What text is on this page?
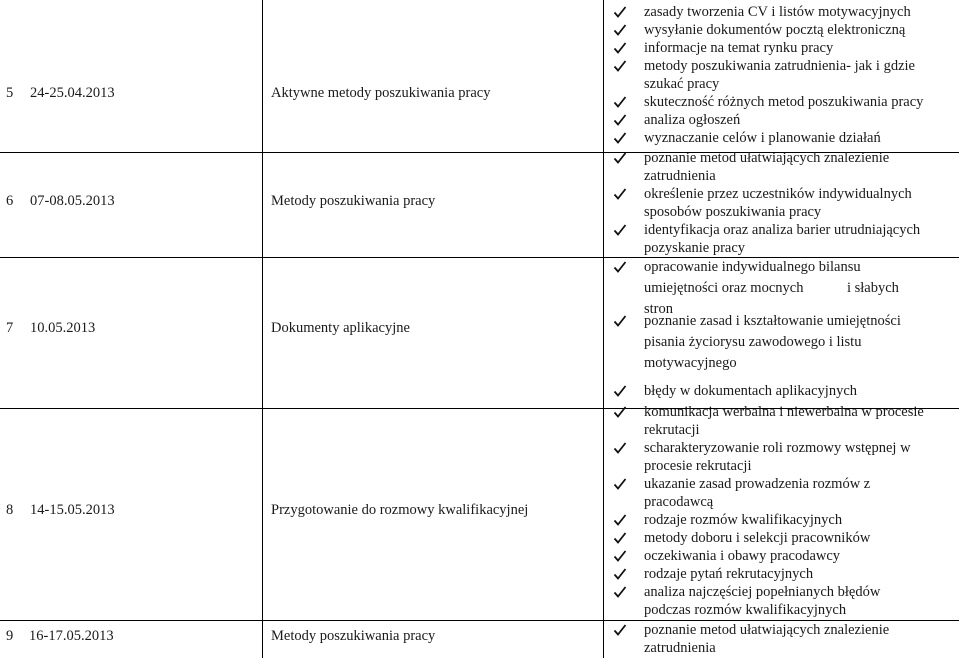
5 24-25.04.2013	Aktywne metody poszukiwania pracy
zasady tworzenia CV i listów motywacyjnych
wysyłanie dokumentów pocztą elektroniczną
informacje na temat rynku pracy
metody poszukiwania zatrudnienia- jak i gdzie
szukać pracy
skuteczność różnych metod poszukiwania pracy
analiza ogłoszeń
wyznaczanie celów i planowanie działań
6 07-08.05.2013	Metody poszukiwania pracy
poznanie metod ułatwiających znalezienie
zatrudnienia
określenie przez uczestników indywidualnych
sposobów poszukiwania pracy
identyfikacja oraz analiza barier utrudniających
pozyskanie pracy
7 10.05.2013	Dokumenty aplikacyjne
opracowanie indywidualnego bilansu
umiejętności oraz mocnych            i słabych
stron
poznanie zasad i kształtowanie umiejętności
pisania życiorysu zawodowego i listu
motywacyjnego
błędy w dokumentach aplikacyjnych
8 14-15.05.2013	Przygotowanie do rozmowy kwalifikacyjnej
komunikacja werbalna i niewerbalna w procesie
rekrutacji
scharakteryzowanie roli rozmowy wstępnej w
procesie rekrutacji
ukazanie zasad prowadzenia rozmów z
pracodawcą
rodzaje rozmów kwalifikacyjnych
metody doboru i selekcji pracowników
oczekiwania i obawy pracodawcy
rodzaje pytań rekrutacyjnych
analiza najczęściej popełnianych błędów
podczas rozmów kwalifikacyjnych
9 16-17.05.2013	Metody poszukiwania pracy	poznanie metod ułatwiających znalezienie
zatrudnienia
